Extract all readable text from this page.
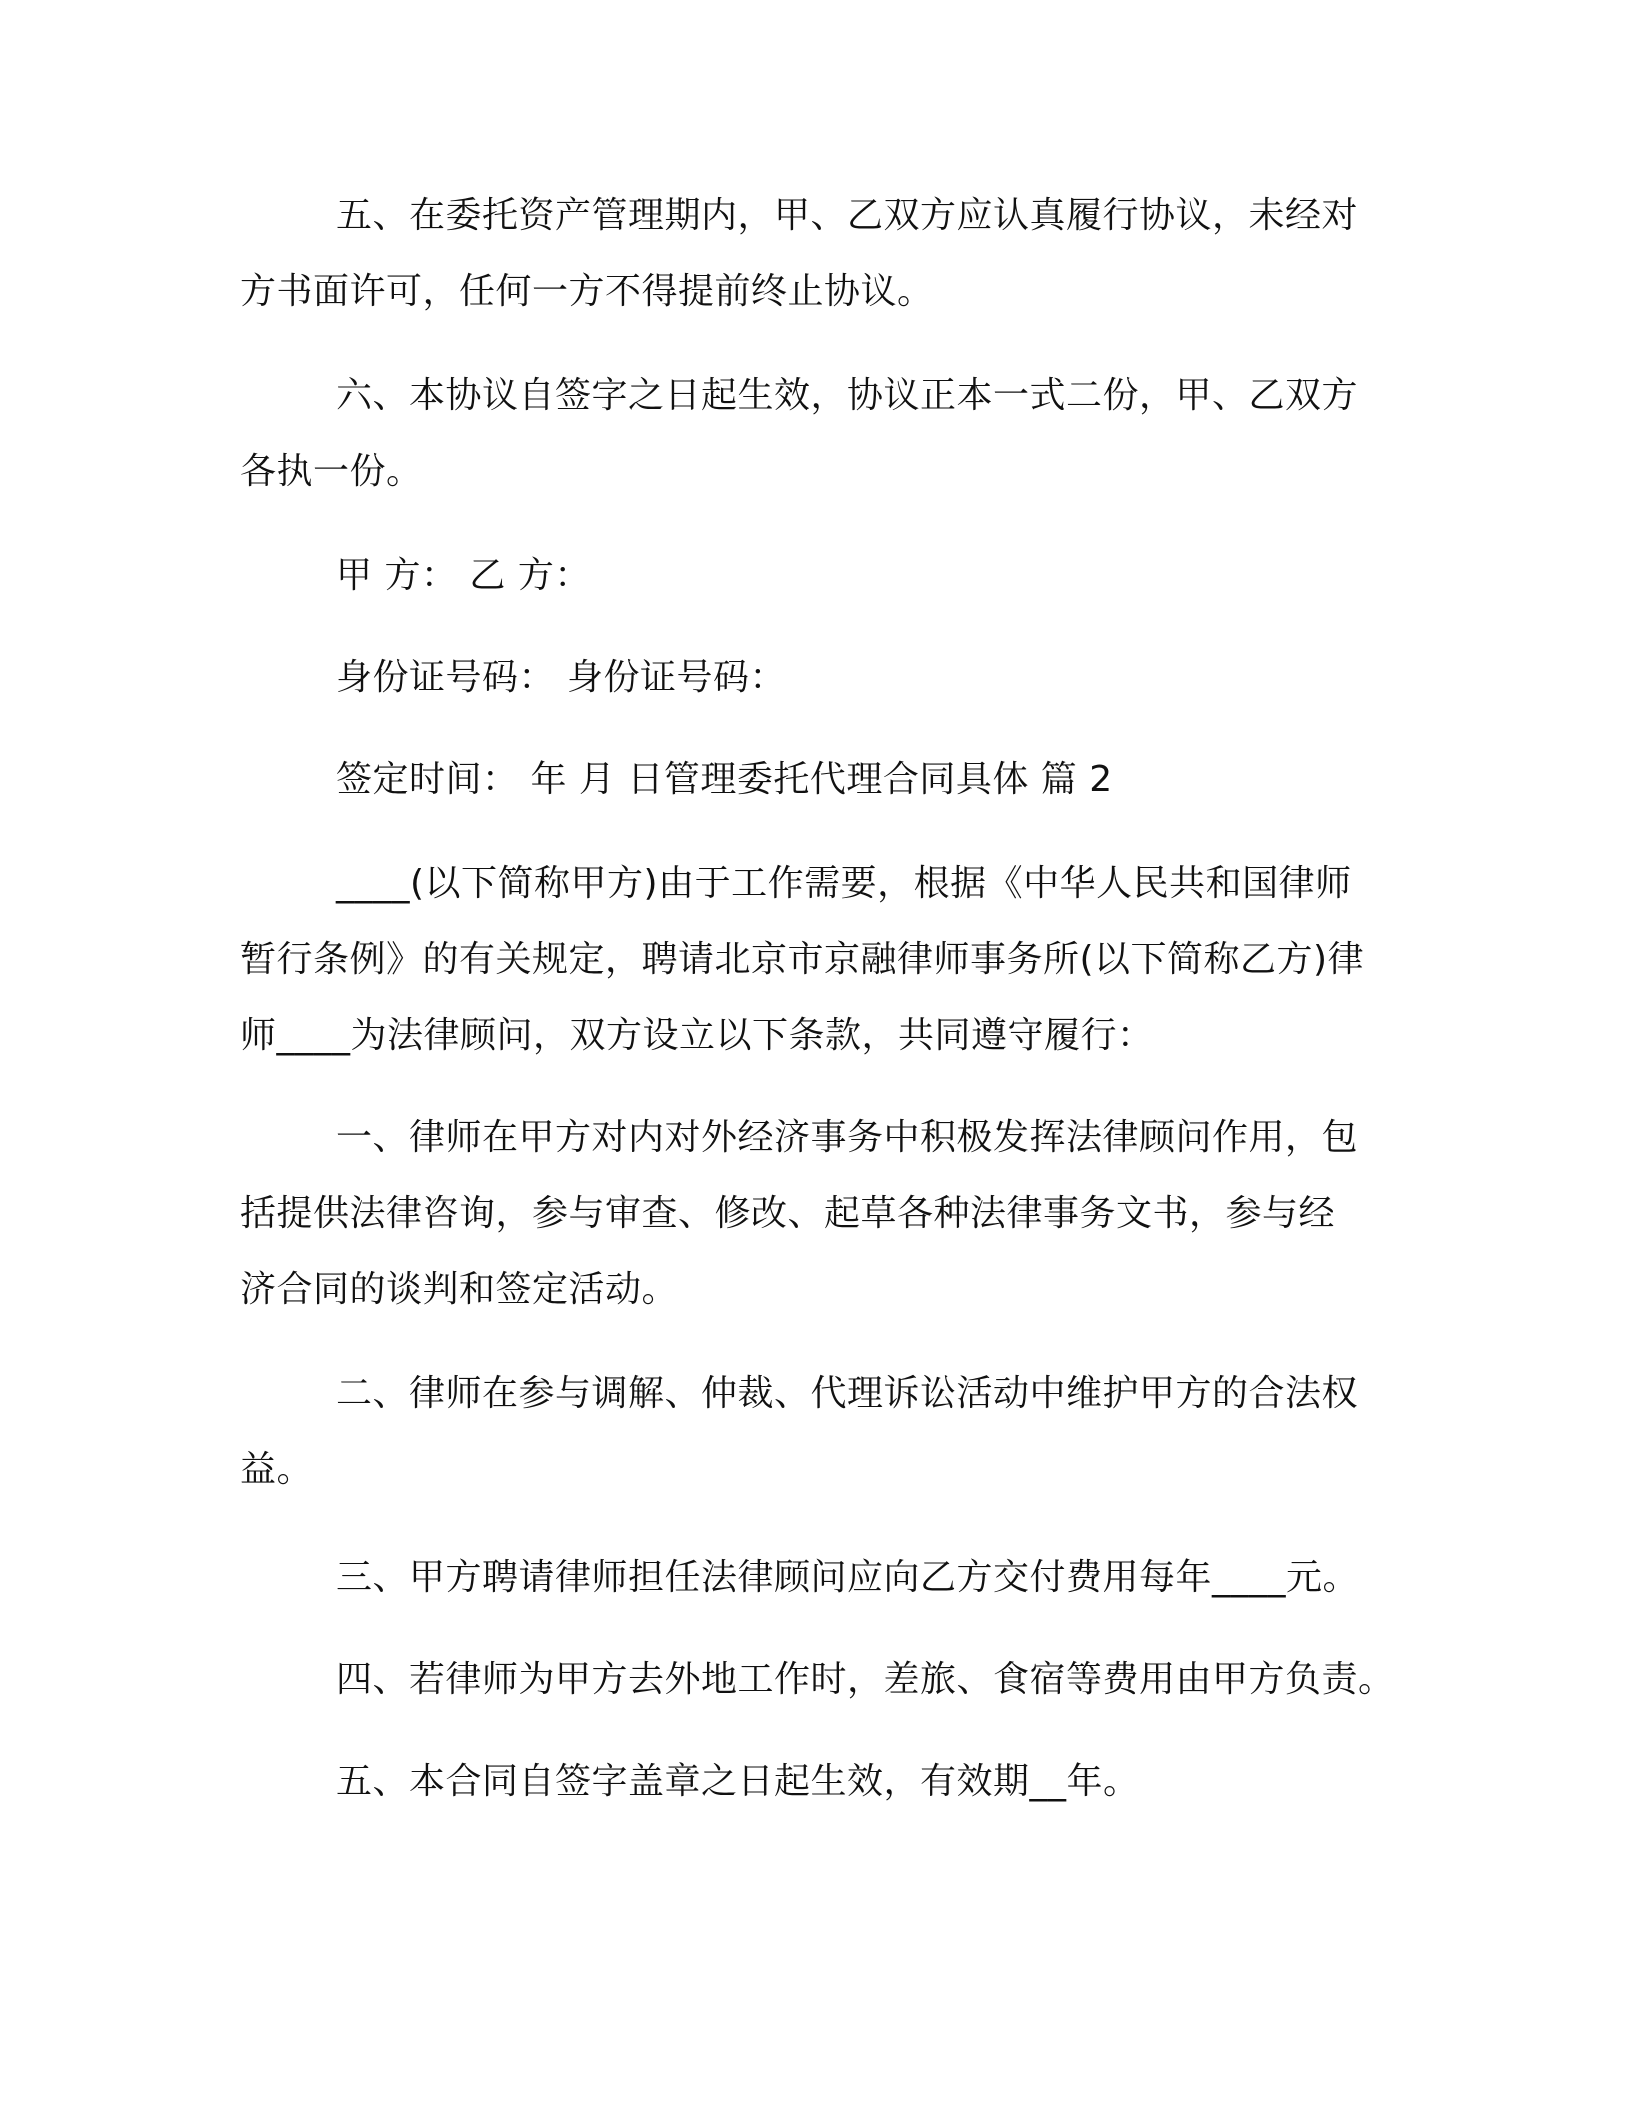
五、在委托资产管理期内，甲、乙双方应认真履行协议，未经对
方书面许可，任何一方不得提前终止协议。

六、本协议自签字之日起生效，协议正本一式二份，甲、乙双方
各执一份。

甲 方： 乙 方：

身份证号码： 身份证号码：

签定时间： 年 月 日管理委托代理合同具体 篇 2

____(以下简称甲方)由于工作需要，根据《中华人民共和国律师
暂行条例》的有关规定，聘请北京市京融律师事务所(以下简称乙方)律
师____为法律顾问，双方设立以下条款，共同遵守履行：

一、律师在甲方对内对外经济事务中积极发挥法律顾问作用，包
括提供法律咨询，参与审查、修改、起草各种法律事务文书，参与经
济合同的谈判和签定活动。

二、律师在参与调解、仲裁、代理诉讼活动中维护甲方的合法权
益。

三、甲方聘请律师担任法律顾问应向乙方交付费用每年____元。

四、若律师为甲方去外地工作时，差旅、食宿等费用由甲方负责。

五、本合同自签字盖章之日起生效，有效期__年。
